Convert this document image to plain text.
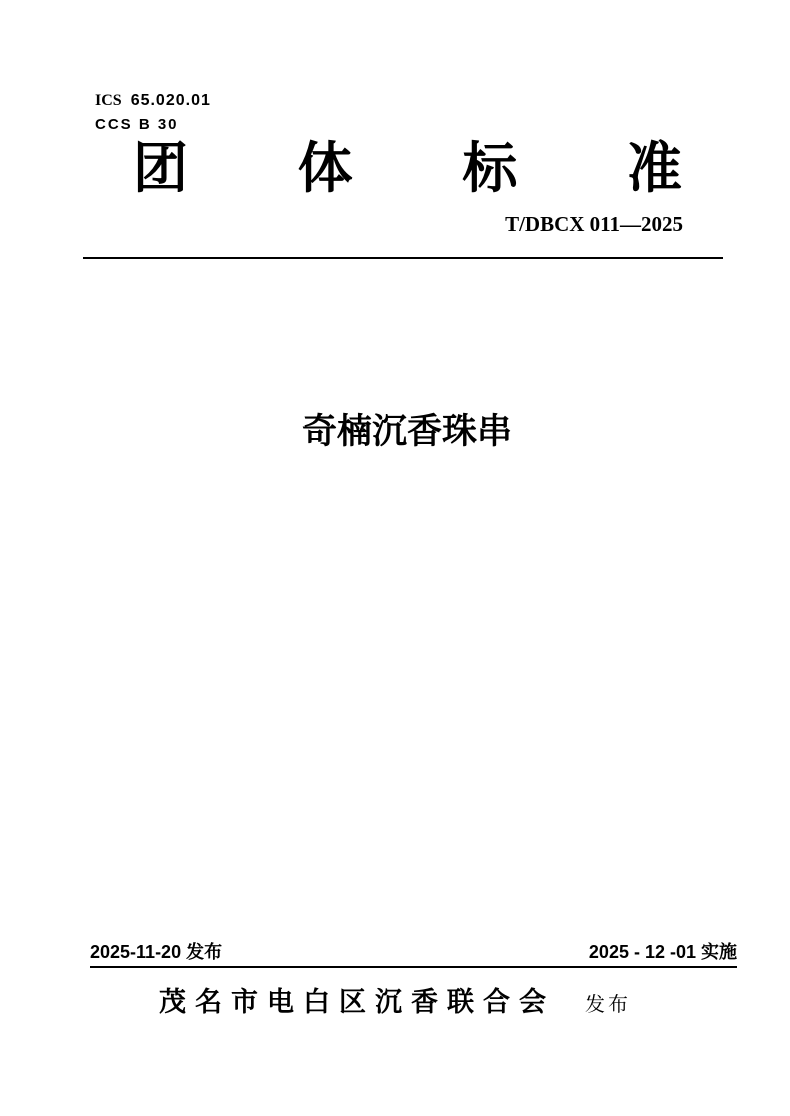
ICS 65.020.01
CCS B 30
团 体 标 准
T/DBCX 011—2025
奇楠沉香珠串
2025-11-20 发布	2025 - 12 -01 实施
茂名市电白区沉香联合会 发布
